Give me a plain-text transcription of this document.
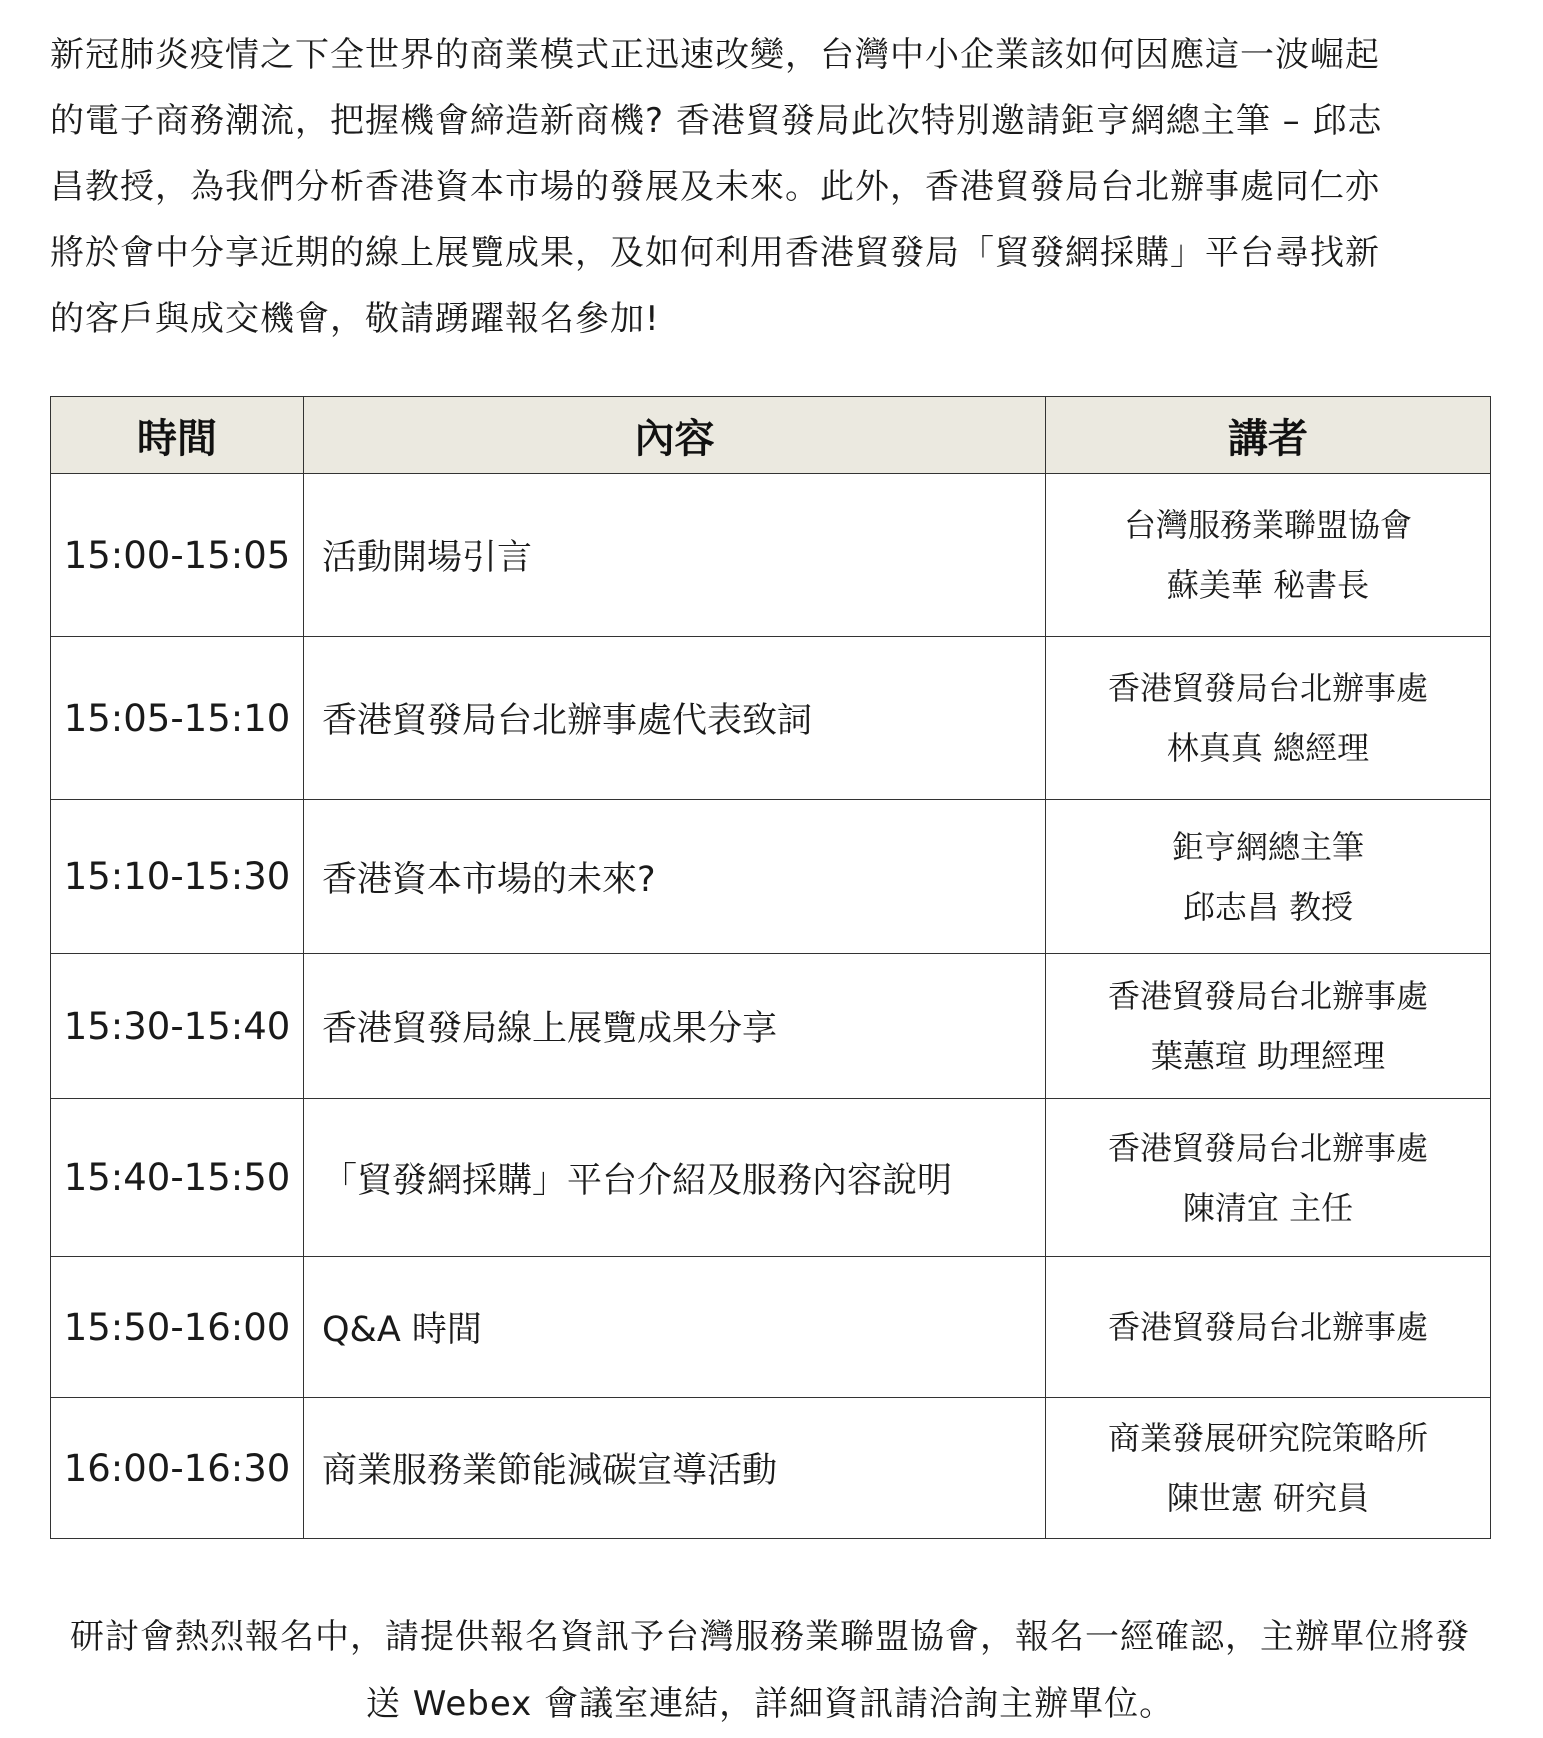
新冠肺炎疫情之下全世界的商業模式正迅速改變，台灣中小企業該如何因應這一波崛起
的電子商務潮流，把握機會締造新商機? 香港貿發局此次特別邀請鉅亨網總主筆 – 邱志
昌教授，為我們分析香港資本市場的發展及未來。此外，香港貿發局台北辦事處同仁亦
將於會中分享近期的線上展覽成果，及如何利用香港貿發局「貿發網採購」平台尋找新
的客戶與成交機會，敬請踴躍報名參加!

時間	內容	講者
15:00-15:05	活動開場引言	台灣服務業聯盟協會
蘇美華 秘書長

15:05-15:10	香港貿發局台北辦事處代表致詞	香港貿發局台北辦事處
林真真 總經理

15:10-15:30	香港資本市場的未來?	鉅亨網總主筆
邱志昌 教授

15:30-15:40	香港貿發局線上展覽成果分享	香港貿發局台北辦事處
葉蕙瑄 助理經理

15:40-15:50	「貿發網採購」平台介紹及服務內容說明	香港貿發局台北辦事處
陳清宜 主任

15:50-16:00	Q&A 時間	香港貿發局台北辦事處

16:00-16:30	商業服務業節能減碳宣導活動	商業發展研究院策略所
陳世憲 研究員

研討會熱烈報名中，請提供報名資訊予台灣服務業聯盟協會，報名一經確認，主辦單位將發
送 Webex 會議室連結，詳細資訊請洽詢主辦單位。
